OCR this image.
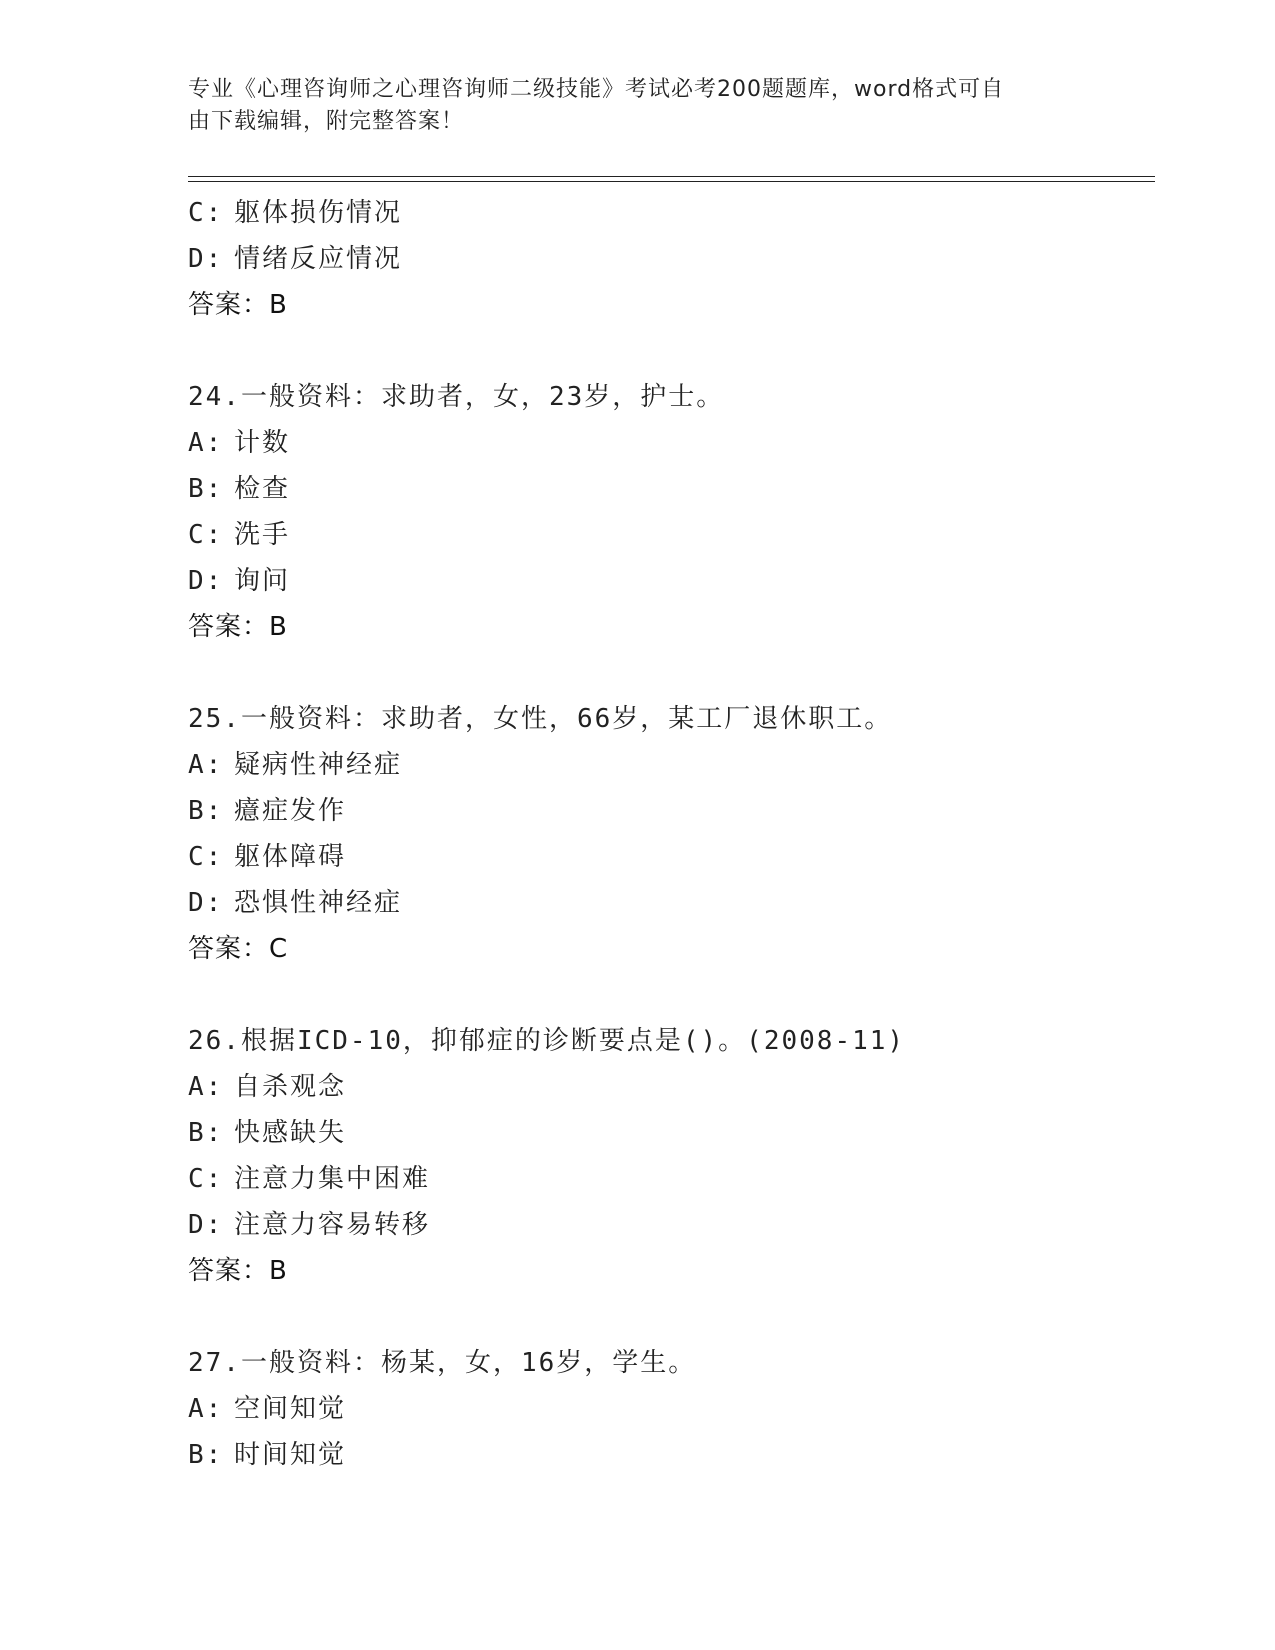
专业《心理咨询师之心理咨询师二级技能》考试必考200题题库，word格式可自
由下载编辑，附完整答案！
C: 躯体损伤情况
D: 情绪反应情况
答案：B
24.一般资料：求助者，女，23岁，护士。
A: 计数
B: 检查
C: 洗手
D: 询问
答案：B
25.一般资料：求助者，女性，66岁，某工厂退休职工。
A: 疑病性神经症
B: 癔症发作
C: 躯体障碍
D: 恐惧性神经症
答案：C
26.根据ICD-10，抑郁症的诊断要点是()。(2008-11)
A: 自杀观念
B: 快感缺失
C: 注意力集中困难
D: 注意力容易转移
答案：B
27.一般资料：杨某，女，16岁，学生。
A: 空间知觉
B: 时间知觉
